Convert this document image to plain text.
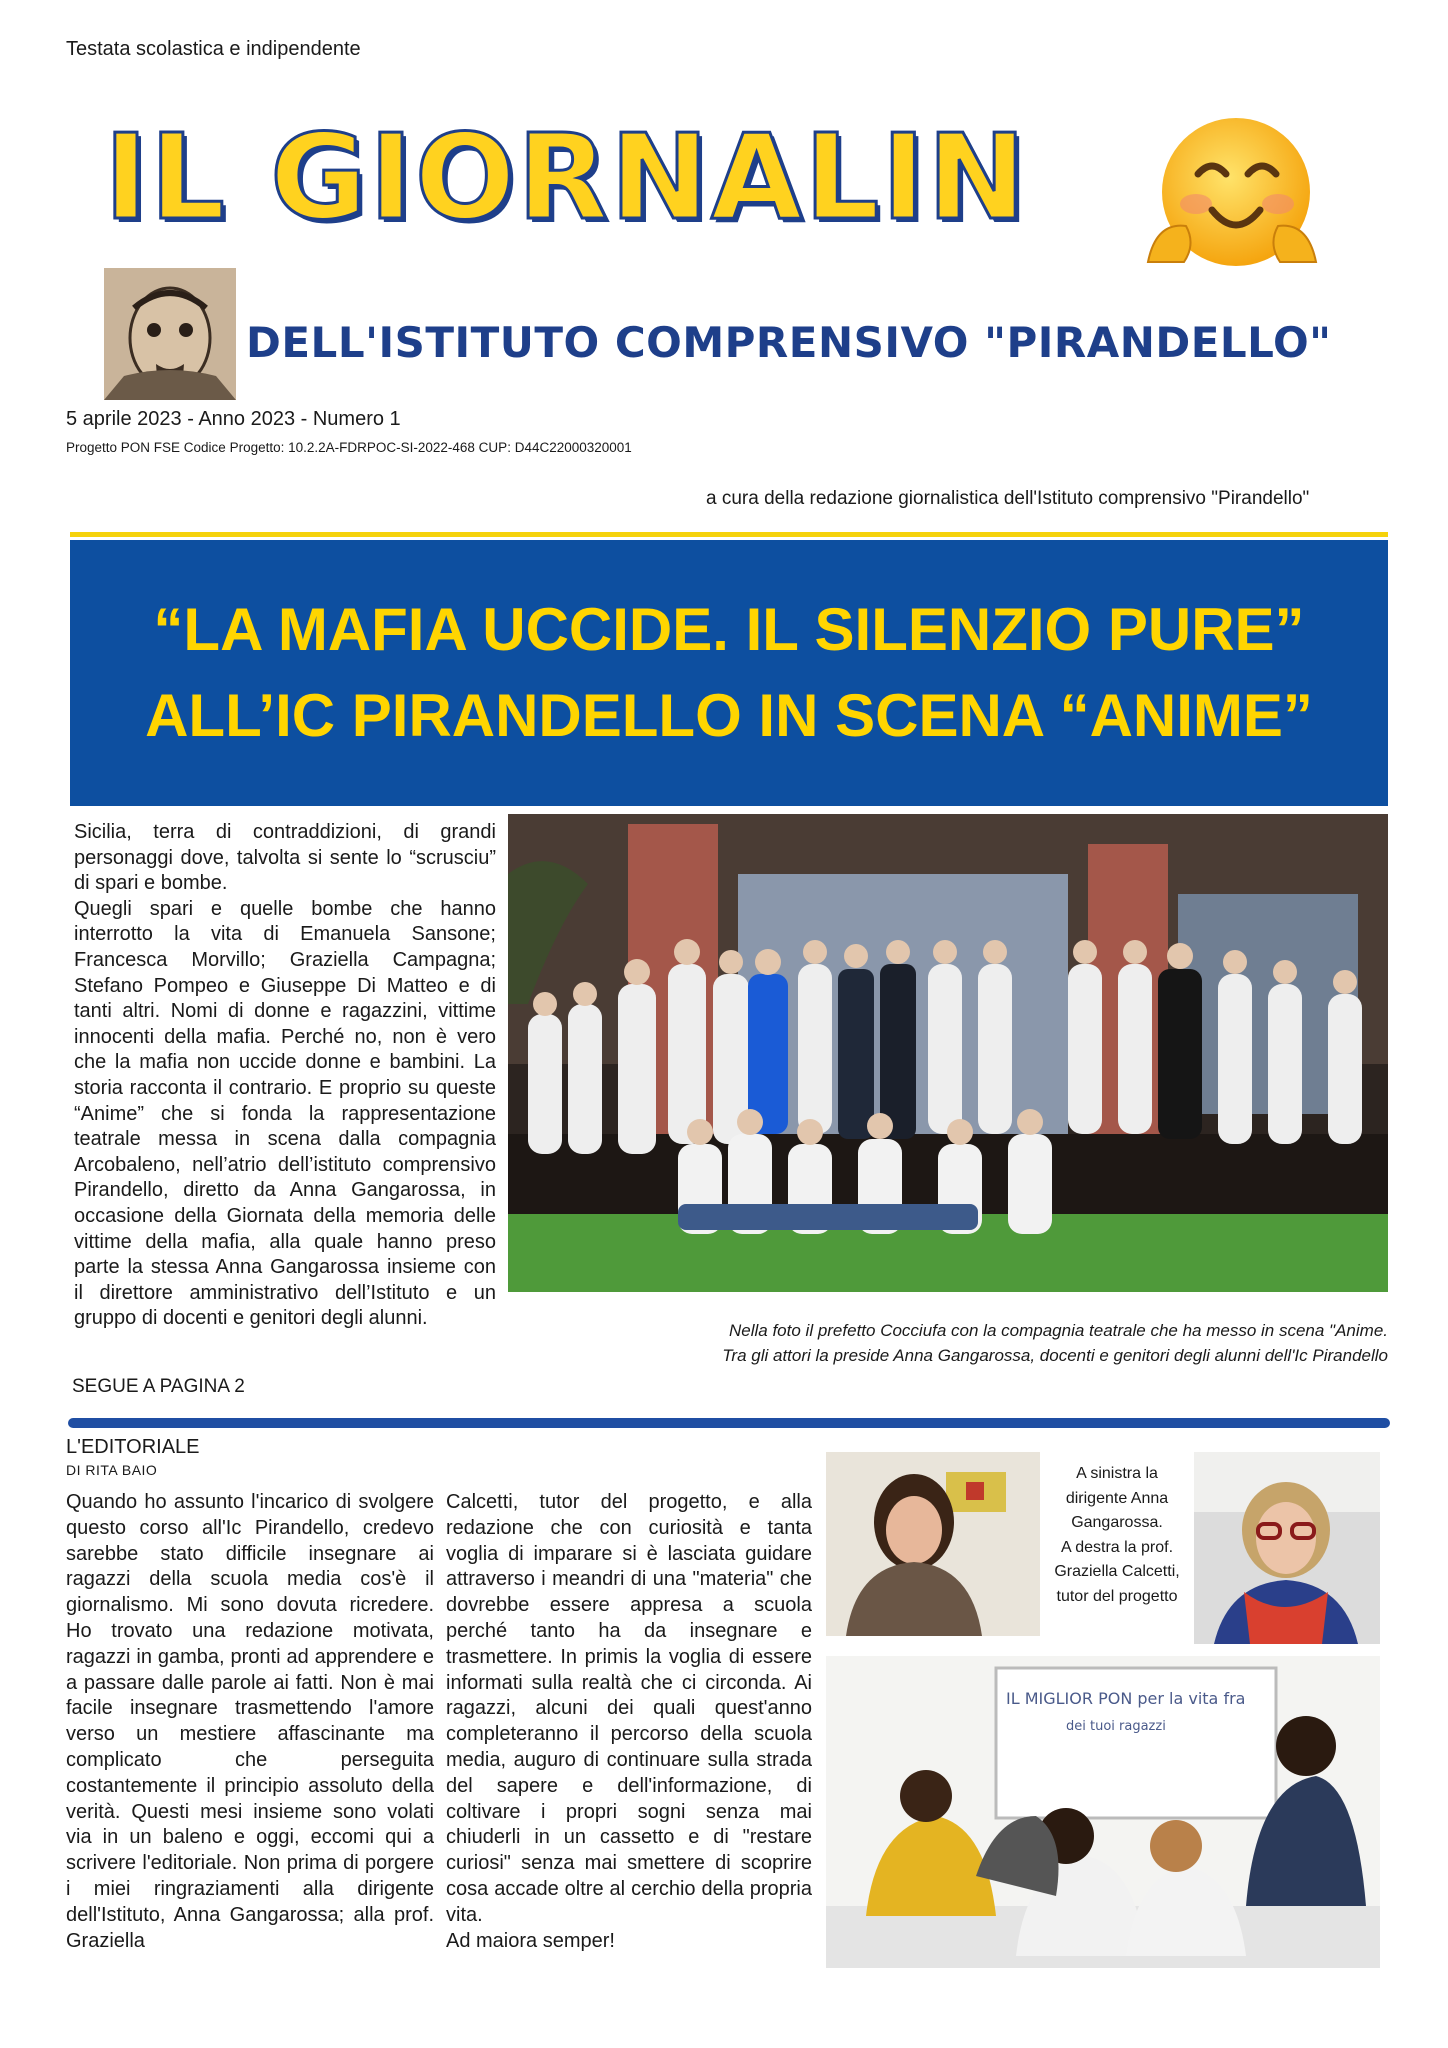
Testata scolastica e indipendente
IL GIORNALIN
DELL'ISTITUTO COMPRENSIVO "PIRANDELLO"
5 aprile 2023 - Anno 2023 - Numero 1
Progetto PON FSE Codice Progetto: 10.2.2A-FDRPOC-SI-2022-468 CUP: D44C22000320001
a cura della redazione giornalistica dell'Istituto comprensivo "Pirandello"
“LA MAFIA UCCIDE. IL SILENZIO PURE”
ALL’IC PIRANDELLO IN SCENA “ANIME”

Sicilia, terra di contraddizioni, di grandi personaggi dove, talvolta si sente lo “scrusciu” di spari e bombe.

Quegli spari e quelle bombe che hanno interrotto la vita di Emanuela Sansone; Francesca Morvillo; Graziella Campagna; Stefano Pompeo e Giuseppe Di Matteo e di tanti altri. Nomi di donne e ragazzini, vittime innocenti della mafia. Perché no, non è vero che la mafia non uccide donne e bambini. La storia racconta il contrario. E proprio su queste “Anime” che si fonda la rappresentazione teatrale messa in scena dalla compagnia Arcobaleno, nell’atrio dell’istituto comprensivo Pirandello, diretto da Anna Gangarossa, in occasione della Giornata della memoria delle vittime della mafia, alla quale hanno preso parte la stessa Anna Gangarossa insieme con il direttore amministrativo dell’Istituto e un gruppo di docenti e genitori degli alunni.

SEGUE A PAGINA 2
Nella foto il prefetto Cocciufa con la compagnia teatrale che ha messo in scena "Anime.
Tra gli attori la preside Anna Gangarossa, docenti e genitori degli alunni dell'Ic Pirandello
L'EDITORIALE
DI RITA BAIO
Quando ho assunto l'incarico di svolgere questo corso all'Ic Pirandello, credevo sarebbe stato difficile insegnare ai ragazzi della scuola media cos'è il giornalismo. Mi sono dovuta ricredere. Ho trovato una redazione motivata, ragazzi in gamba, pronti ad apprendere e a passare dalle parole ai fatti. Non è mai facile insegnare trasmettendo l'amore verso un mestiere affascinante ma complicato che perseguita costantemente il principio assoluto della verità. Questi mesi insieme sono volati via in un baleno e oggi, eccomi qui a scrivere l'editoriale. Non prima di porgere i miei ringraziamenti alla dirigente dell'Istituto, Anna Gangarossa; alla prof. Graziella
Calcetti, tutor del progetto, e alla redazione che con curiosità e tanta voglia di imparare si è lasciata guidare attraverso i meandri di una "materia" che dovrebbe essere appresa a scuola perché tanto ha da insegnare e trasmettere. In primis la voglia di essere informati sulla realtà che ci circonda. Ai ragazzi, alcuni dei quali quest'anno completeranno il percorso della scuola media, auguro di continuare sulla strada del sapere e dell'informazione, di coltivare i propri sogni senza mai chiuderli in un cassetto e di "restare curiosi" senza mai smettere di scoprire cosa accade oltre al cerchio della propria vita.
Ad maiora semper!
A sinistra la
dirigente Anna
Gangarossa.
A destra la prof.
Graziella Calcetti,
tutor del progetto
IL MIGLIOR PON per la vita fra
dei tuoi ragazzi
